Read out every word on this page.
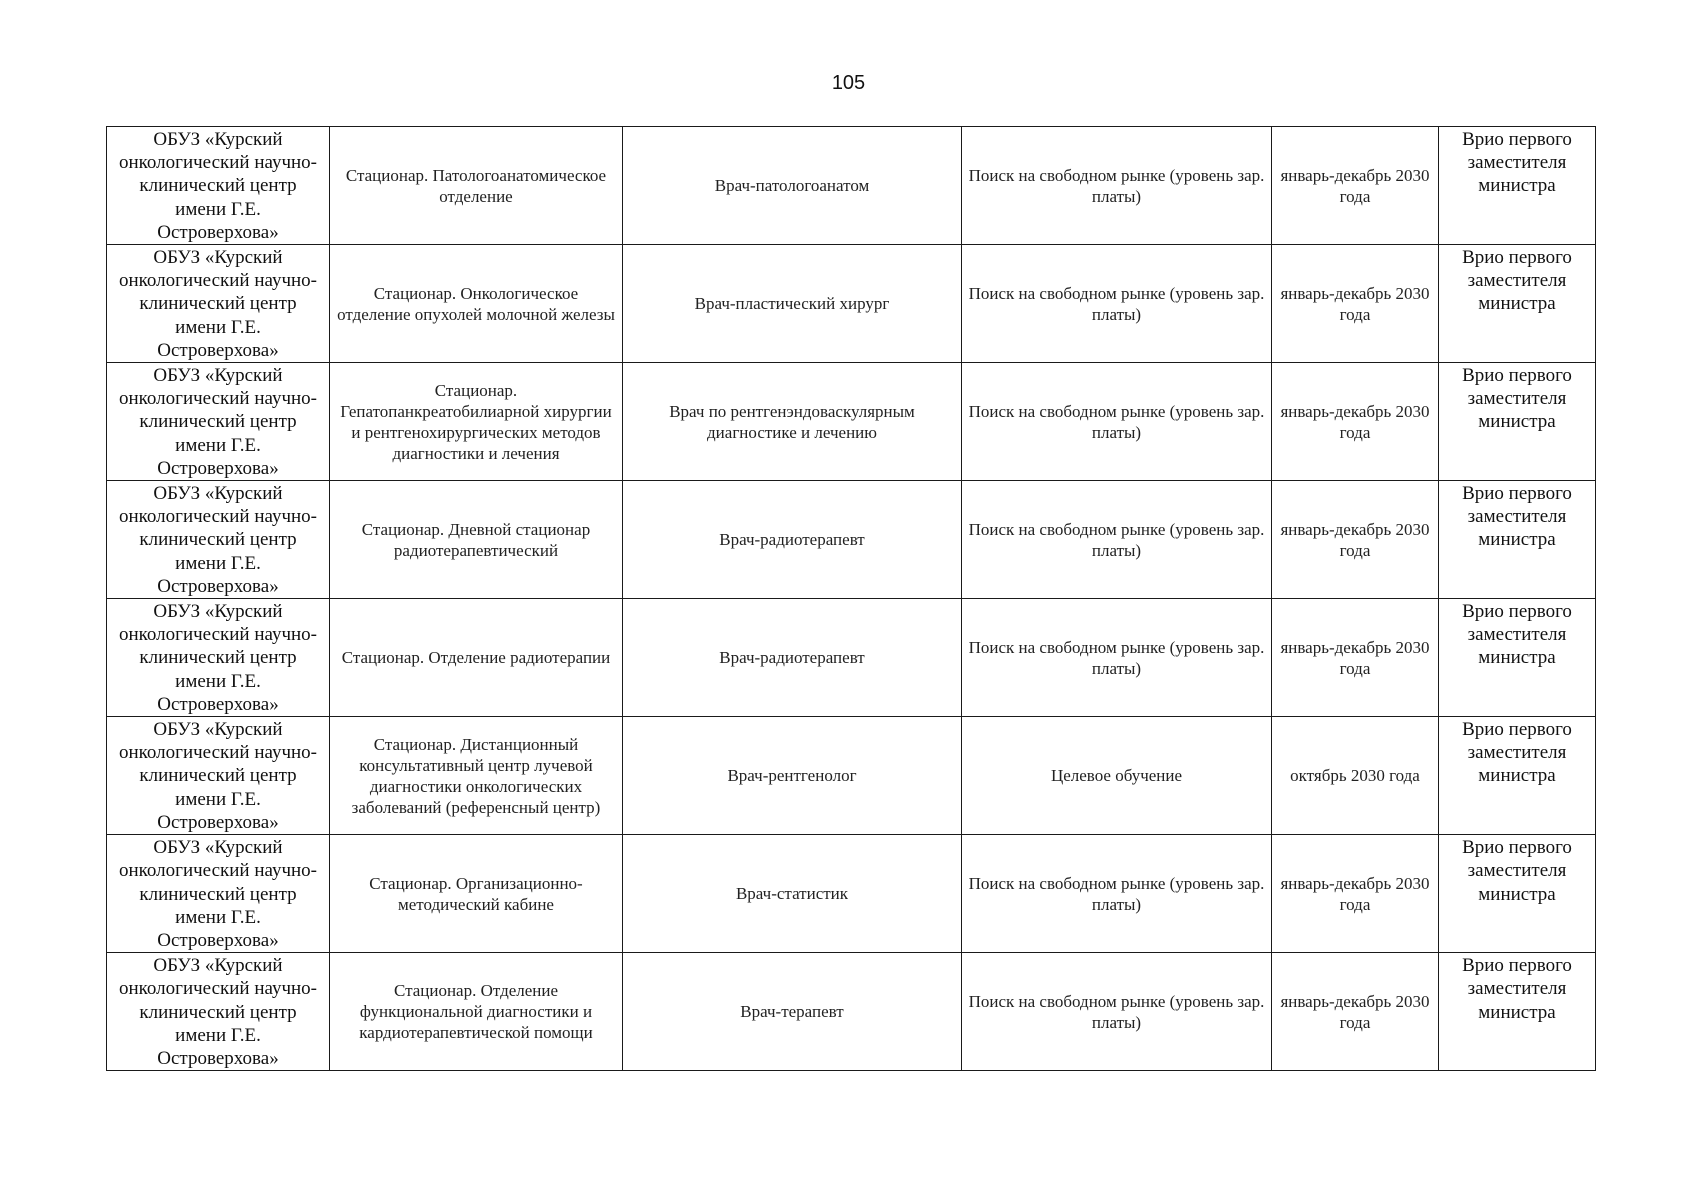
105
ОБУЗ «Курский онкологический научно-клинический центр имени Г.Е. Островерхова»	Стационар. Патологоанатомическое отделение	Врач-патологоанатом	Поиск на свободном рынке (уровень зар. платы)	январь-декабрь 2030 года	Врио первого заместителя министра
ОБУЗ «Курский онкологический научно-клинический центр имени Г.Е. Островерхова»	Стационар. Онкологическое отделение опухолей молочной железы	Врач-пластический хирург	Поиск на свободном рынке (уровень зар. платы)	январь-декабрь 2030 года	Врио первого заместителя министра
ОБУЗ «Курский онкологический научно-клинический центр имени Г.Е. Островерхова»	Стационар. Гепатопанкреатобилиарной хирургии и рентгенохирургических методов диагностики и лечения	Врач по рентгенэндоваскулярным диагностике и лечению	Поиск на свободном рынке (уровень зар. платы)	январь-декабрь 2030 года	Врио первого заместителя министра
ОБУЗ «Курский онкологический научно-клинический центр имени Г.Е. Островерхова»	Стационар. Дневной стационар радиотерапевтический	Врач-радиотерапевт	Поиск на свободном рынке (уровень зар. платы)	январь-декабрь 2030 года	Врио первого заместителя министра
ОБУЗ «Курский онкологический научно-клинический центр имени Г.Е. Островерхова»	Стационар. Отделение радиотерапии	Врач-радиотерапевт	Поиск на свободном рынке (уровень зар. платы)	январь-декабрь 2030 года	Врио первого заместителя министра
ОБУЗ «Курский онкологический научно-клинический центр имени Г.Е. Островерхова»	Стационар. Дистанционный консультативный центр лучевой диагностики онкологических заболеваний (референсный центр)	Врач-рентгенолог	Целевое обучение	октябрь 2030 года	Врио первого заместителя министра
ОБУЗ «Курский онкологический научно-клинический центр имени Г.Е. Островерхова»	Стационар. Организационно-методический кабине	Врач-статистик	Поиск на свободном рынке (уровень зар. платы)	январь-декабрь 2030 года	Врио первого заместителя министра
ОБУЗ «Курский онкологический научно-клинический центр имени Г.Е. Островерхова»	Стационар. Отделение функциональной диагностики и кардиотерапевтической помощи	Врач-терапевт	Поиск на свободном рынке (уровень зар. платы)	январь-декабрь 2030 года	Врио первого заместителя министра
